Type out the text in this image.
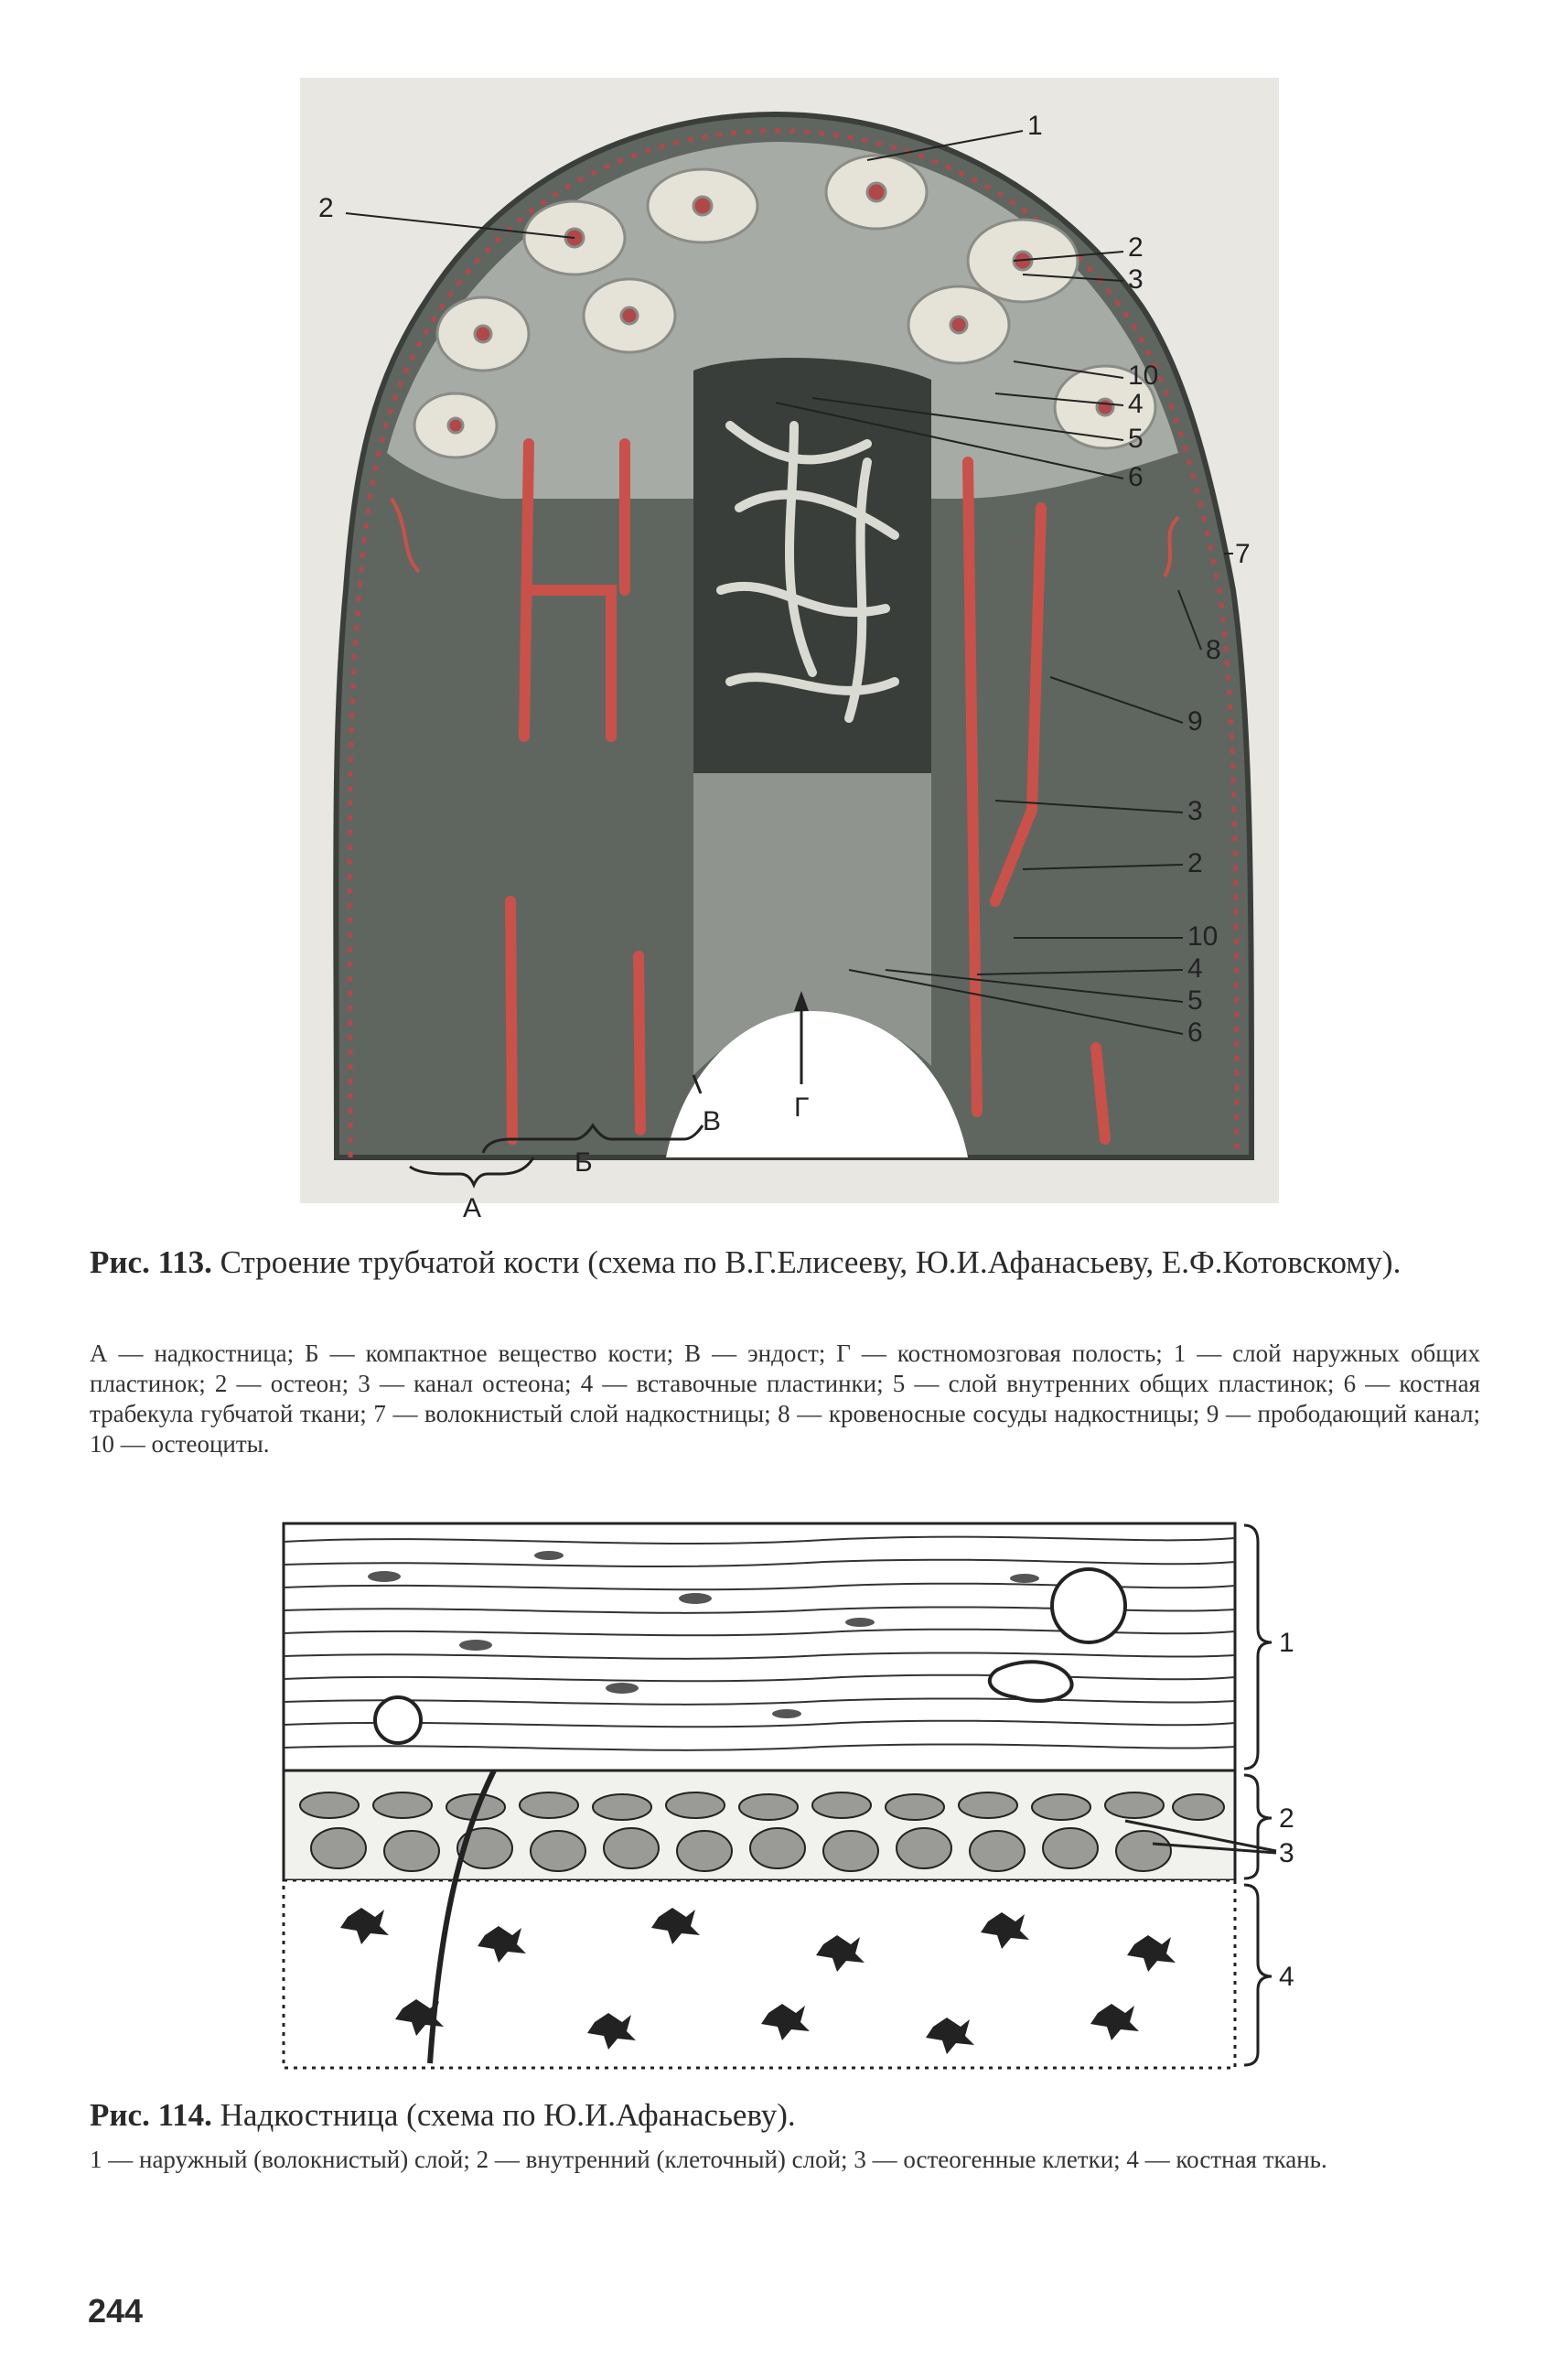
1
2
2
3
10
4
5
6
7
8
9
3
2
10
4
5
6
А
Б
В	Г
Рис. 113. Строение трубчатой кости (схема по В.Г.Елисееву, Ю.И.Афанасьеву, Е.Ф.Котовскому).
А — надкостница; Б — компактное вещество кости; В — эндост; Г — костномозговая полость; 1 — слой наружных общих пластинок; 2 — остеон; 3 — канал остеона; 4 — вставочные пластинки; 5 — слой внутренних общих пластинок; 6 — костная трабекула губчатой ткани; 7 — волокнистый слой надкостницы; 8 — кровеносные сосуды надкостницы; 9 — прободающий канал; 10 — остеоциты.
1
2
3
4
Рис. 114. Надкостница (схема по Ю.И.Афанасьеву).
1 — наружный (волокнистый) слой; 2 — внутренний (клеточный) слой; 3 — остеогенные клетки; 4 — костная ткань.
244
